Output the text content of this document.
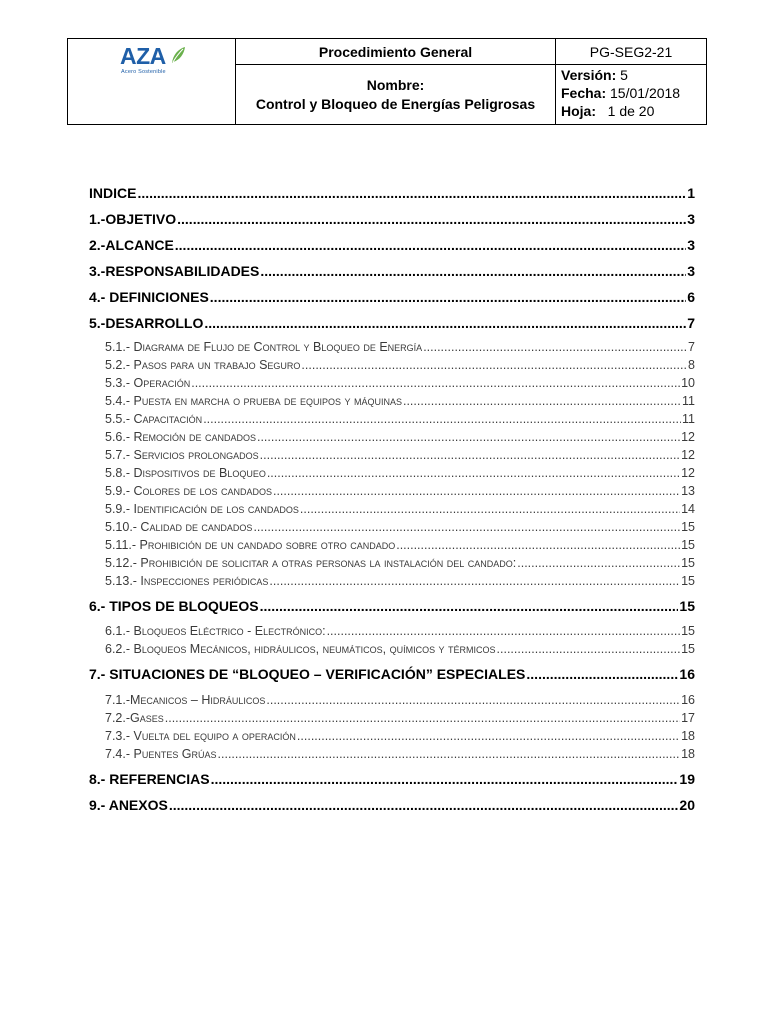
AZA
Acero Sostenible
Procedimiento General
Nombre:
Control y Bloqueo de Energías Peligrosas
PG-SEG2-21
Versión: 5
Fecha: 15/01/2018
Hoja: 1 de 20
INDICE .....	1
1.-OBJETIVO .....	3
2.-ALCANCE .....	3
3.-RESPONSABILIDADES .....	3
4.- DEFINICIONES .....	6
5.-DESARROLLO .....	7
5.1.- Diagrama de Flujo de Control y Bloqueo de Energía .....	7
5.2.- Pasos para un trabajo Seguro .....	8
5.3.- Operación .....	10
5.4.- Puesta en marcha o prueba de equipos y máquinas .....	11
5.5.- Capacitación .....	11
5.6.- Remoción de candados .....	12
5.7.- Servicios prolongados .....	12
5.8.- Dispositivos de Bloqueo .....	12
5.9.- Colores de los candados .....	13
5.9.- Identificación de los candados .....	14
5.10.- Calidad de candados .....	15
5.11.- Prohibición de un candado sobre otro candado .....	15
5.12.- Prohibición de solicitar a otras personas la instalación del candado: .....	15
5.13.- Inspecciones periódicas .....	15
6.- TIPOS DE BLOQUEOS .....	15
6.1.- Bloqueos Eléctrico - Electrónico: .....	15
6.2.- Bloqueos Mecánicos, hidráulicos, neumáticos, químicos y térmicos .....	15
7.- SITUACIONES DE “BLOQUEO – VERIFICACIÓN” ESPECIALES .....	16
7.1.-Mecanicos – Hidráulicos .....	16
7.2.-Gases .....	17
7.3.- Vuelta del equipo a operación .....	18
7.4.- Puentes Grúas .....	18
8.- REFERENCIAS .....	19
9.- ANEXOS .....	20
